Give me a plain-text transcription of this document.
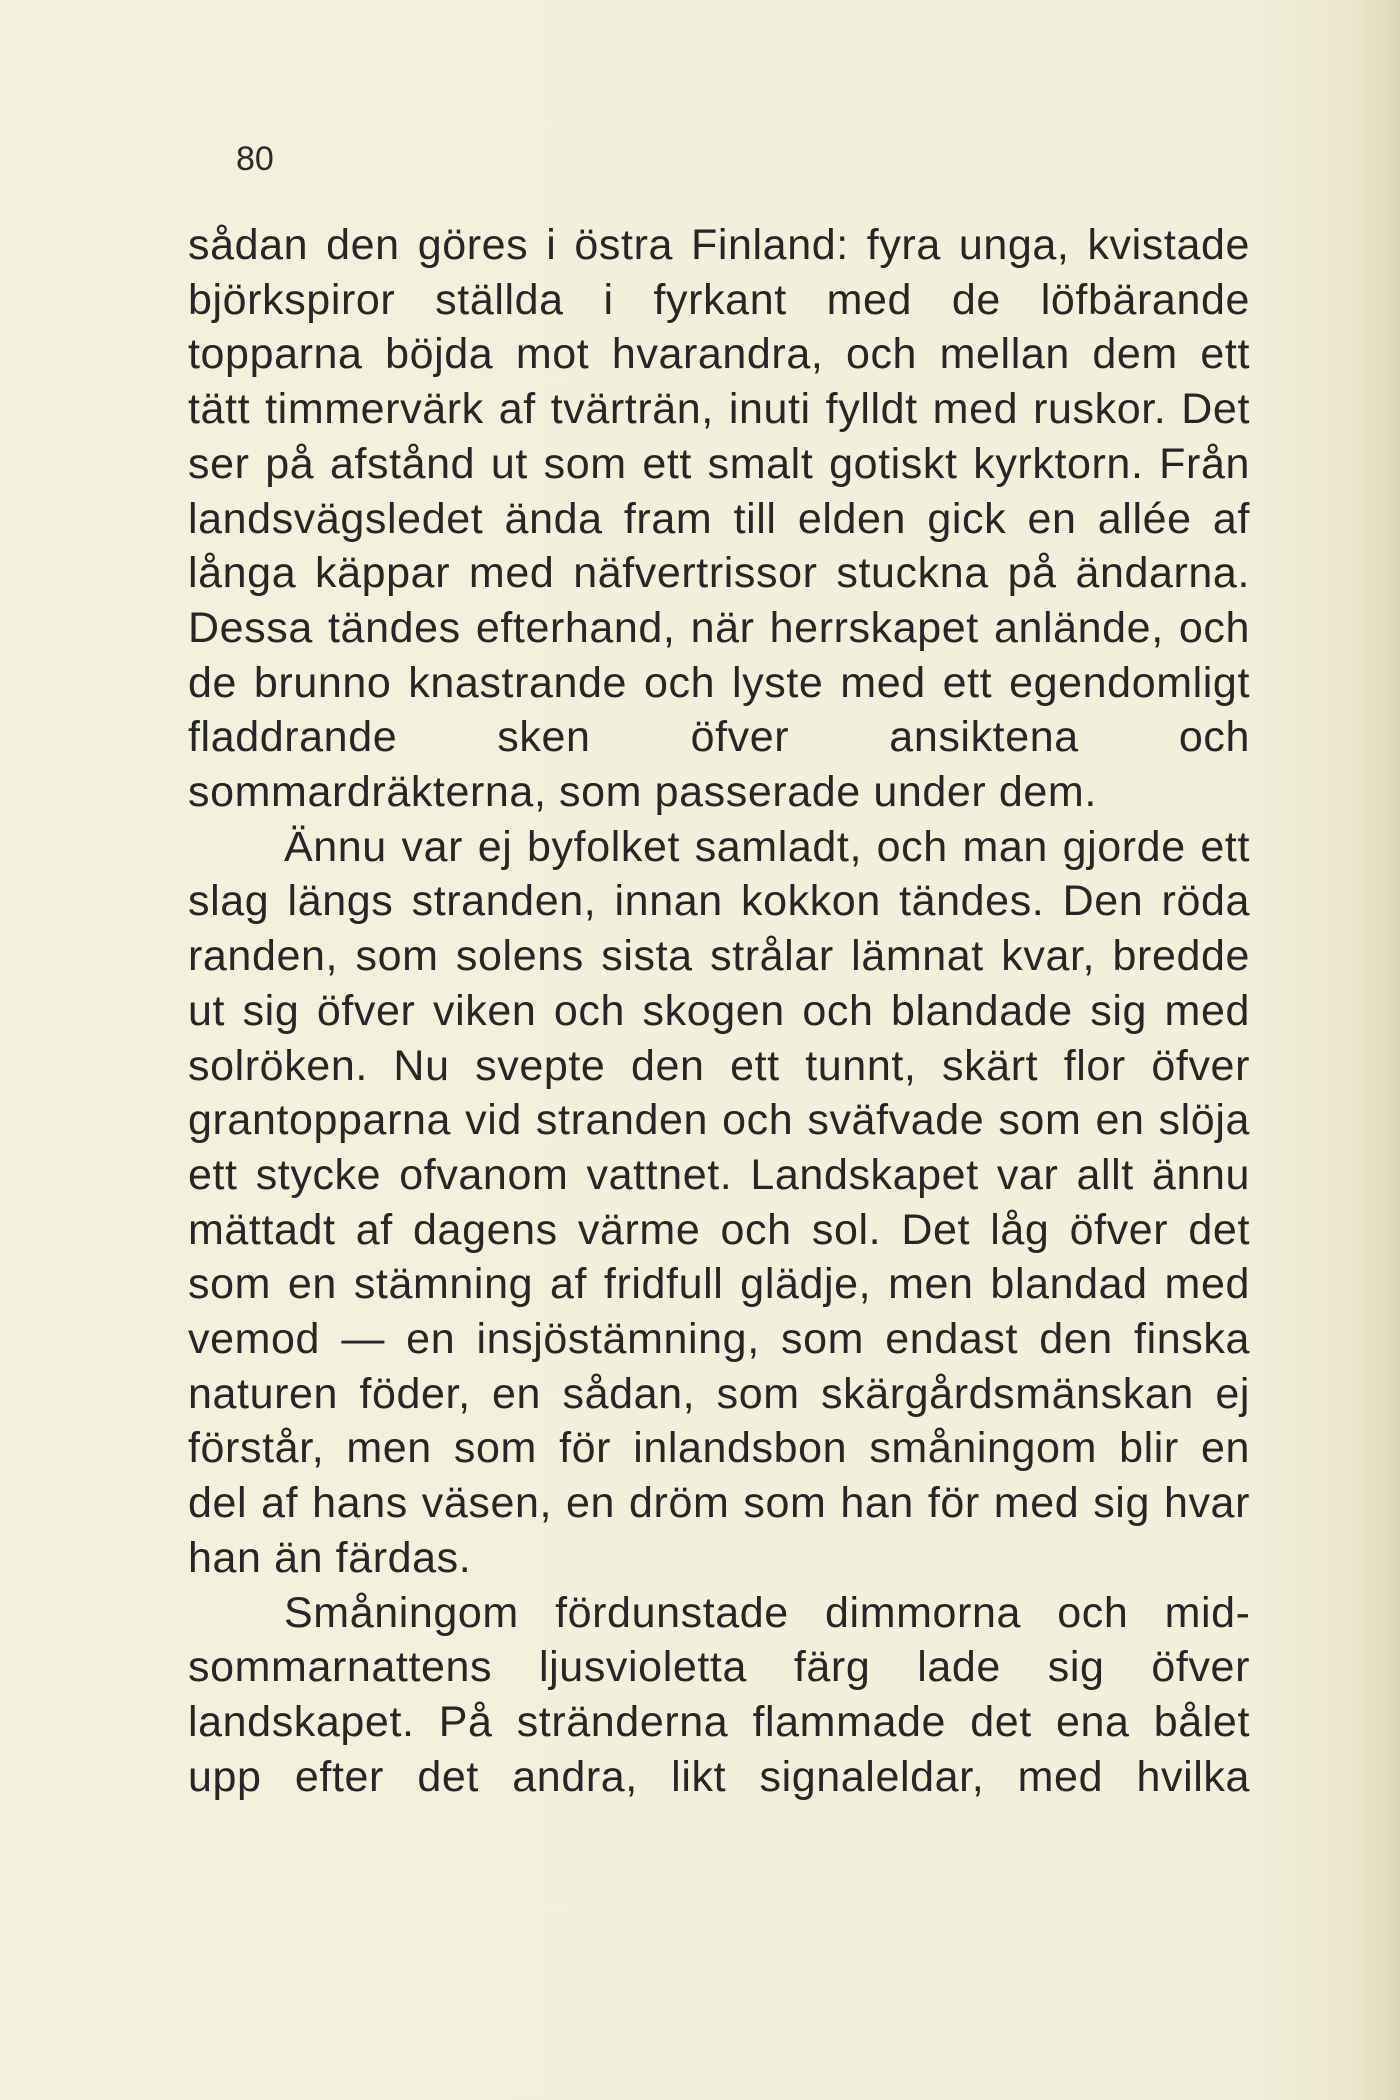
80

sådan den göres i östra Finland: fyra unga, kvistade björkspiror ställda i fyrkant med de löfbärande topparna böjda mot hvarandra, och mellan dem ett tätt timmervärk af tvärträn, inuti fylldt med ruskor. Det ser på afstånd ut som ett smalt gotiskt kyrktorn. Från landsvägsledet ända fram till elden gick en allée af långa käppar med näfvertrissor stuckna på ändarna. Dessa tändes efterhand, när herrskapet anlände, och de brunno knastrande och lyste med ett egendomligt fladdrande sken öfver ansiktena och sommardräkterna, som passerade under dem.

Ännu var ej byfolket samladt, och man gjorde ett slag längs stranden, innan kokkon tändes. Den röda randen, som solens sista strålar lämnat kvar, bredde ut sig öfver viken och skogen och blandade sig med solröken. Nu svepte den ett tunnt, skärt flor öfver grantopparna vid stranden och sväfvade som en slöja ett stycke ofvanom vattnet. Landskapet var allt ännu mättadt af dagens värme och sol. Det låg öfver det som en stämning af fridfull glädje, men blandad med vemod — en insjöstämning, som endast den finska naturen föder, en sådan, som skärgårdsmänskan ej förstår, men som för inlandsbon småningom blir en del af hans väsen, en dröm som han för med sig hvar han än färdas.

Småningom fördunstade dimmorna och midsommarnattens ljusvioletta färg lade sig öfver landskapet. På stränderna flammade det ena bålet upp efter det andra, likt signaleldar, med hvilka
